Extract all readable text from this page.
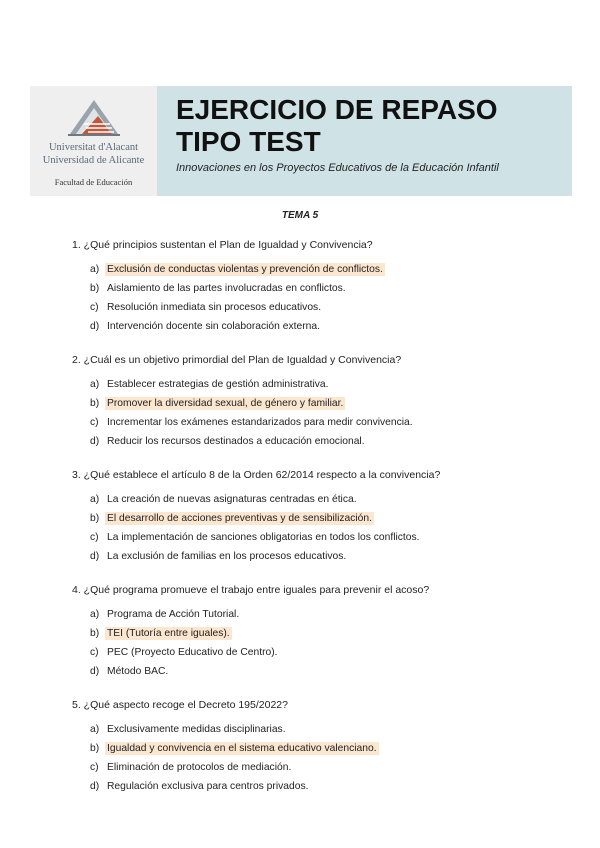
Universitat d'Alacant
Universidad de Alicante
Facultad de Educación
EJERCICIO DE REPASO
TIPO TEST
Innovaciones en los Proyectos Educativos de la Educación Infantil
TEMA 5
1. ¿Qué principios sustentan el Plan de Igualdad y Convivencia?
a) Exclusión de conductas violentas y prevención de conflictos.
b) Aislamiento de las partes involucradas en conflictos.
c) Resolución inmediata sin procesos educativos.
d) Intervención docente sin colaboración externa.
2. ¿Cuál es un objetivo primordial del Plan de Igualdad y Convivencia?
a) Establecer estrategias de gestión administrativa.
b) Promover la diversidad sexual, de género y familiar.
c) Incrementar los exámenes estandarizados para medir convivencia.
d) Reducir los recursos destinados a educación emocional.
3. ¿Qué establece el artículo 8 de la Orden 62/2014 respecto a la convivencia?
a) La creación de nuevas asignaturas centradas en ética.
b) El desarrollo de acciones preventivas y de sensibilización.
c) La implementación de sanciones obligatorias en todos los conflictos.
d) La exclusión de familias en los procesos educativos.
4. ¿Qué programa promueve el trabajo entre iguales para prevenir el acoso?
a) Programa de Acción Tutorial.
b) TEI (Tutoría entre iguales).
c) PEC (Proyecto Educativo de Centro).
d) Método BAC.
5. ¿Qué aspecto recoge el Decreto 195/2022?
a) Exclusivamente medidas disciplinarias.
b) Igualdad y convivencia en el sistema educativo valenciano.
c) Eliminación de protocolos de mediación.
d) Regulación exclusiva para centros privados.
